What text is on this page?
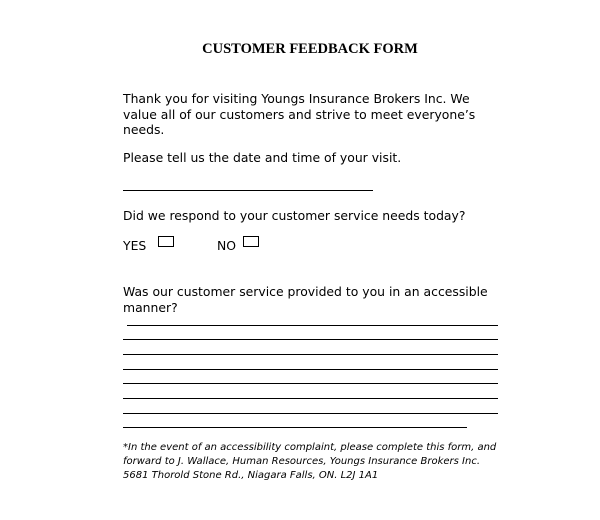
CUSTOMER FEEDBACK FORM
Thank you for visiting Youngs Insurance Brokers Inc. We
value all of our customers and strive to meet everyone’s
needs.
Please tell us the date and time of your visit.
Did we respond to your customer service needs today?
YES	NO
Was our customer service provided to you in an accessible
manner?
*In the event of an accessibility complaint, please complete this form, and
forward to J. Wallace, Human Resources, Youngs Insurance Brokers Inc.
5681 Thorold Stone Rd., Niagara Falls, ON. L2J 1A1
